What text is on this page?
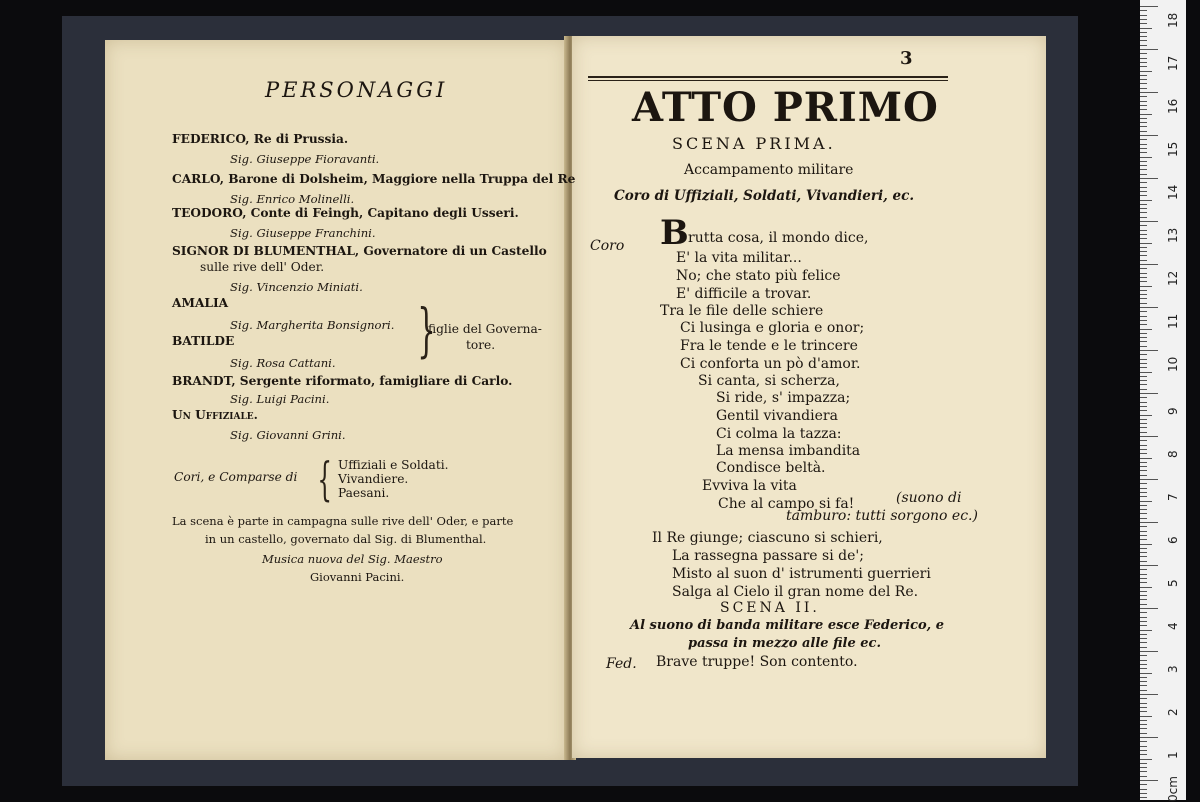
PERSONAGGI
FEDERICO, Re di Prussia.
Sig. Giuseppe Fioravanti.
CARLO, Barone di Dolsheim, Maggiore nella Truppa del Re
Sig. Enrico Molinelli.
TEODORO, Conte di Feingh, Capitano degli Usseri.
Sig. Giuseppe Franchini.
SIGNOR DI BLUMENTHAL, Governatore di un Castello
sulle rive dell' Oder.
Sig. Vincenzio Miniati.
AMALIA
Sig. Margherita Bonsignori.
BATILDE
Sig. Rosa Cattani. }
figlie del Governa-
tore.
BRANDT, Sergente riformato, famigliare di Carlo.
Sig. Luigi Pacini.
Un Uffiziale.
Sig. Giovanni Grini.
Cori, e Comparse di { Uffiziali e Soldati.
Vivandiere.
Paesani.
La scena è parte in campagna sulle rive dell' Oder, e parte
in un castello, governato dal Sig. di Blumenthal.
Musica nuova del Sig. Maestro
Giovanni Pacini.
3
ATTO PRIMO
SCENA PRIMA.
Accampamento militare
Coro di Uffiziali, Soldati, Vivandieri, ec.
Coro B rutta cosa, il mondo dice,
E' la vita militar...
No; che stato più felice
E' difficile a trovar.
Tra le file delle schiere
Ci lusinga e gloria e onor;
Fra le tende e le trincere
Ci conforta un pò d'amor.
Si canta, si scherza,
Si ride, s' impazza;
Gentil vivandiera
Ci colma la tazza:
La mensa imbandita
Condisce beltà.
Evviva la vita
Che al campo si fa!	(suono di
tamburo: tutti sorgono ec.)
Il Re giunge; ciascuno si schieri,
La rassegna passare si de';
Misto al suon d' istrumenti guerrieri
Salga al Cielo il gran nome del Re.
SCENA II.
Al suono di banda militare esce Federico, e
passa in mezzo alle file ec.
Fed. Brave truppe! Son contento.
18
17
16
15
14
13
12
11
10
9
8
7
6
5
4
3
2
1
0cm
